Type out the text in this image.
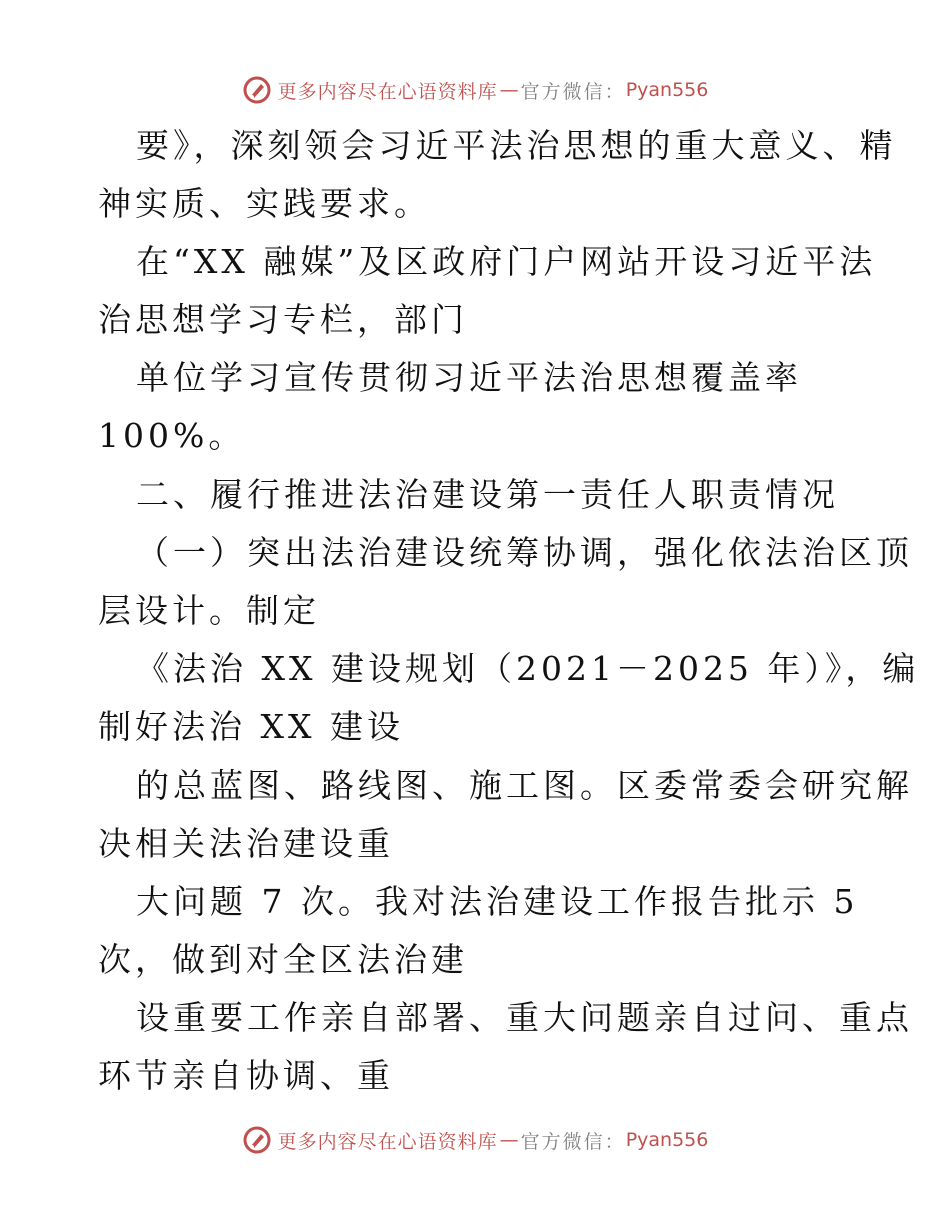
更多内容尽在心语资料库 — 官方微信： Pyan556
要》，深刻领会习近平法治思想的重大意义、精
神实质、实践要求。
在“XX 融媒”及区政府门户网站开设习近平法
治思想学习专栏，部门
单位学习宣传贯彻习近平法治思想覆盖率
100%。
二、履行推进法治建设第一责任人职责情况
（一）突出法治建设统筹协调，强化依法治区顶
层设计。制定
《法治 XX 建设规划（2021－2025 年）》，编
制好法治 XX 建设
的总蓝图、路线图、施工图。区委常委会研究解
决相关法治建设重
大问题 7 次。我对法治建设工作报告批示 5
次，做到对全区法治建
设重要工作亲自部署、重大问题亲自过问、重点
环节亲自协调、重
更多内容尽在心语资料库 — 官方微信： Pyan556
